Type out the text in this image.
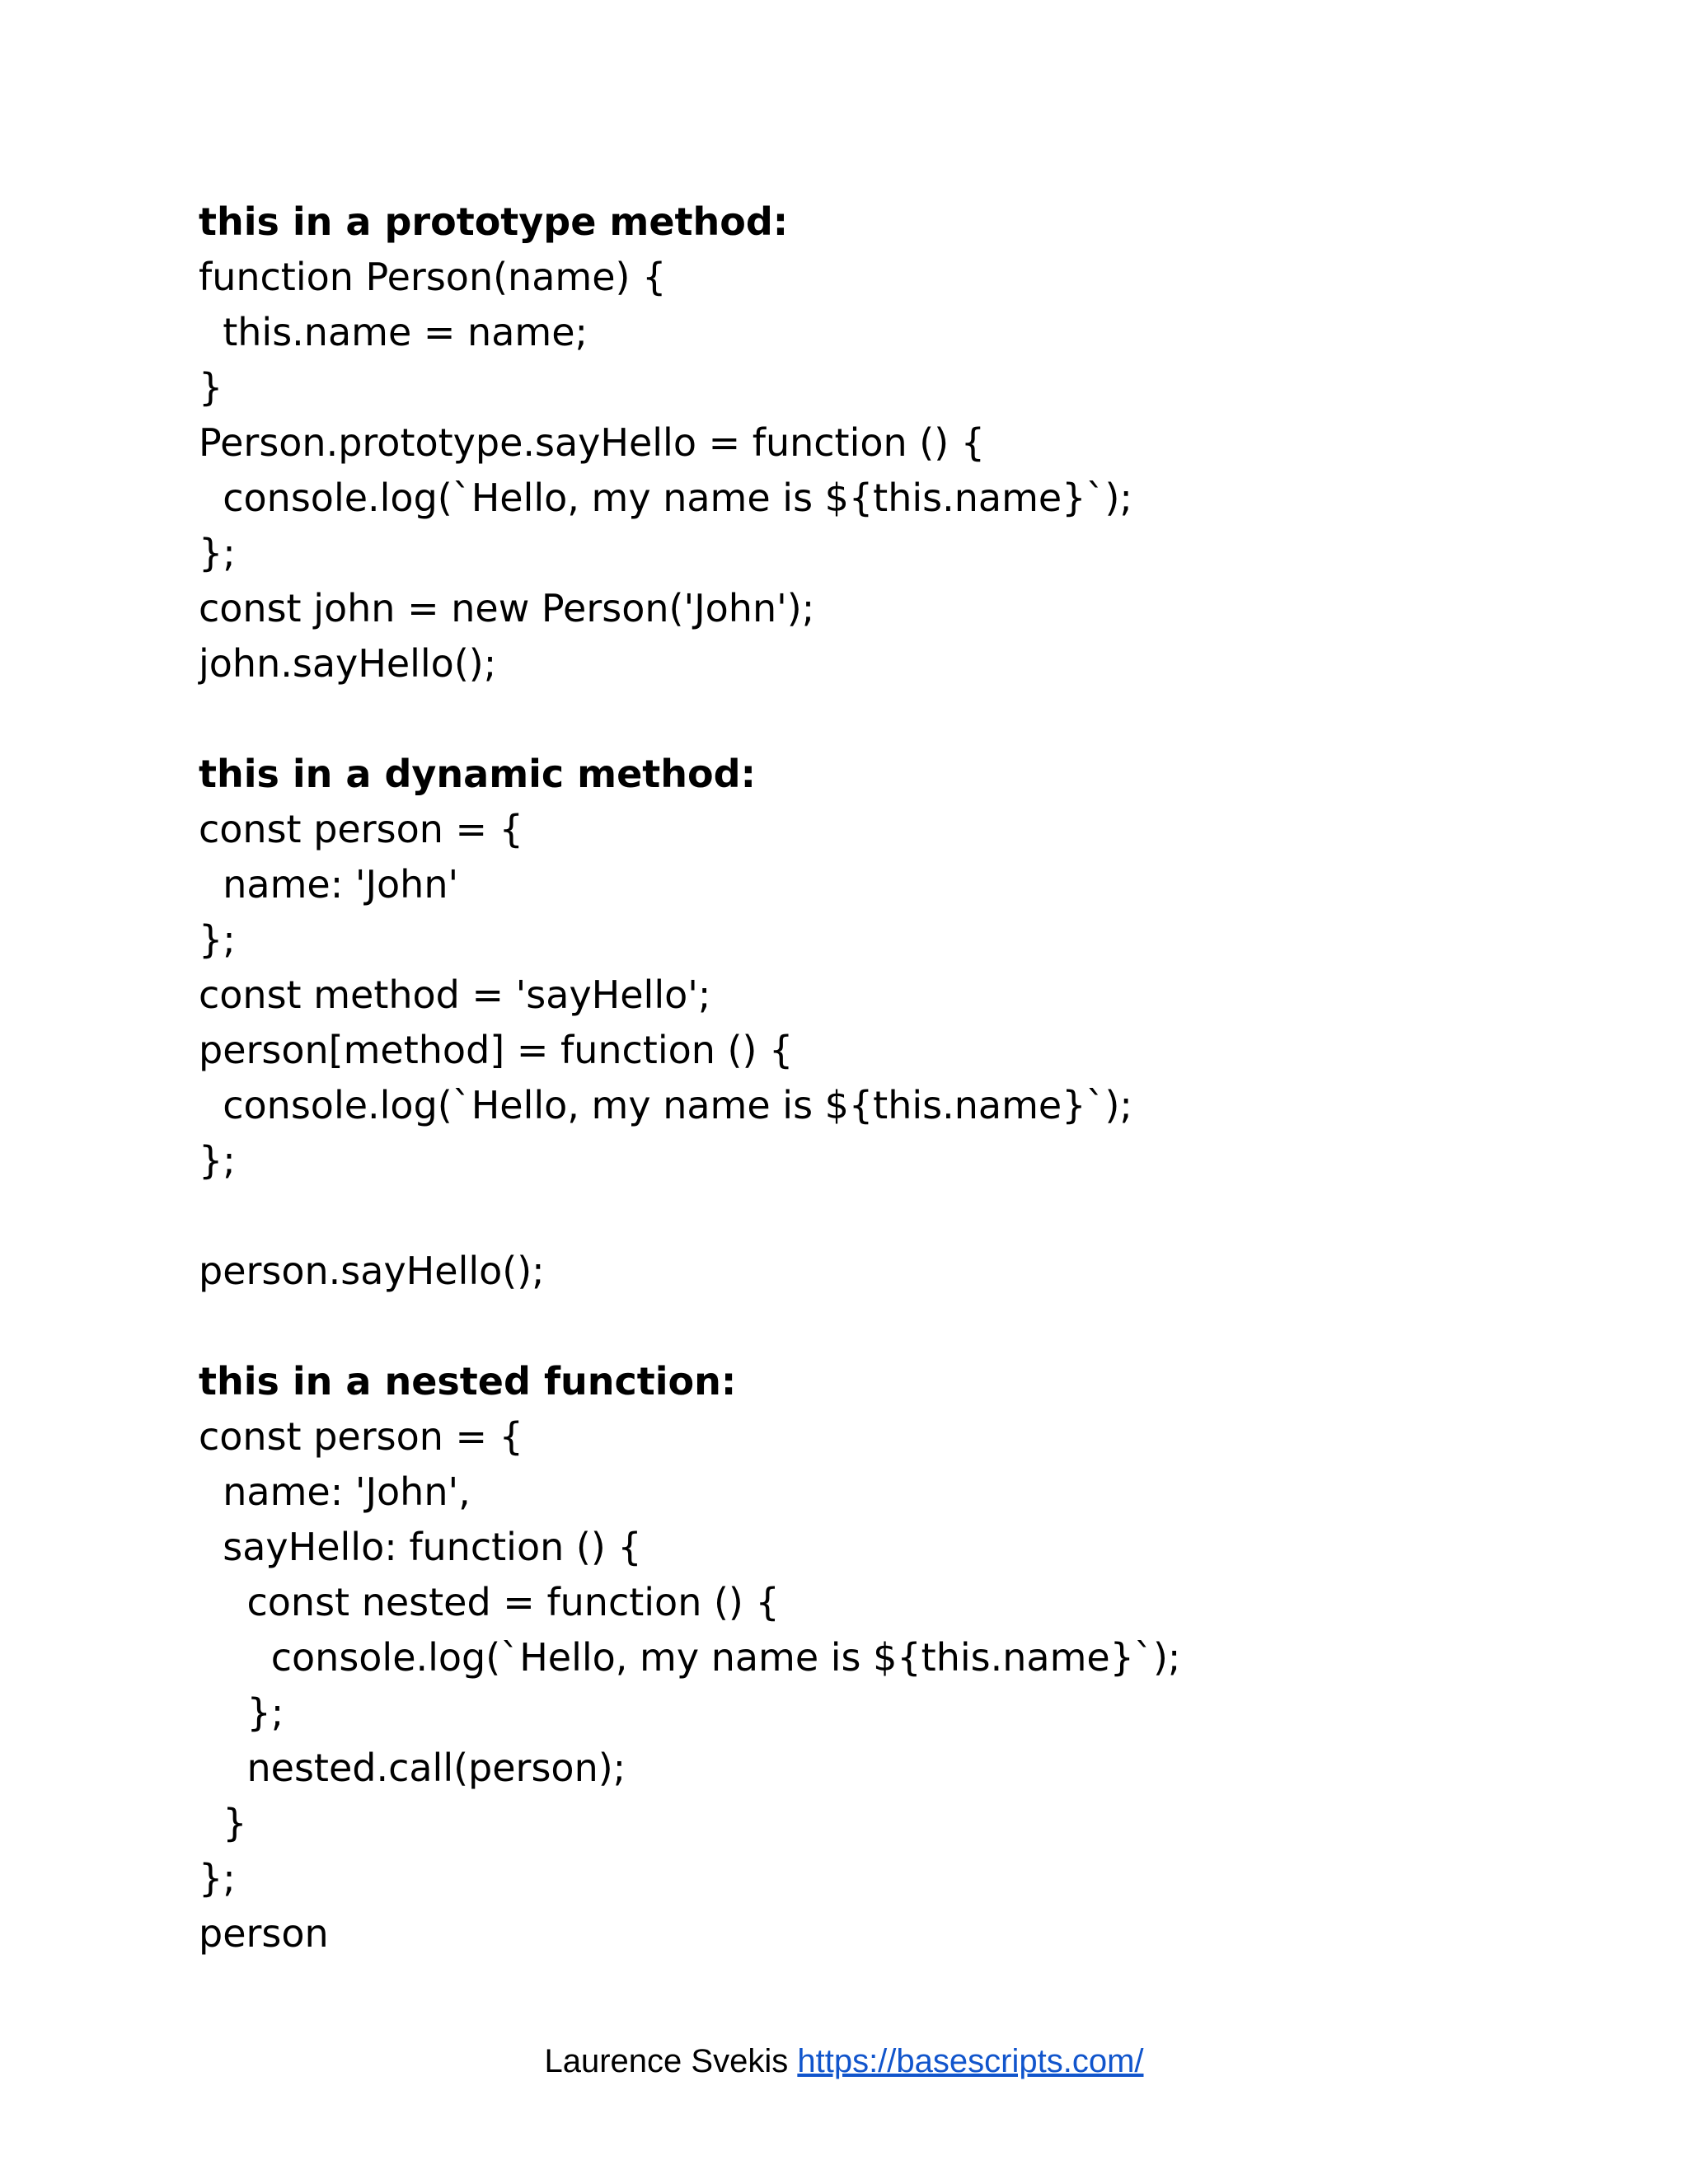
this in a prototype method:
function Person(name) {
this.name = name;
}
Person.prototype.sayHello = function () {
console.log(`Hello, my name is ${this.name}`);
};
const john = new Person('John');
john.sayHello();
this in a dynamic method:
const person = {
name: 'John'
};
const method = 'sayHello';
person[method] = function () {
console.log(`Hello, my name is ${this.name}`);
};
person.sayHello();
this in a nested function:
const person = {
name: 'John',
sayHello: function () {
const nested = function () {
console.log(`Hello, my name is ${this.name}`);
};
nested.call(person);
}
};
person
Laurence Svekis https://basescripts.com/
